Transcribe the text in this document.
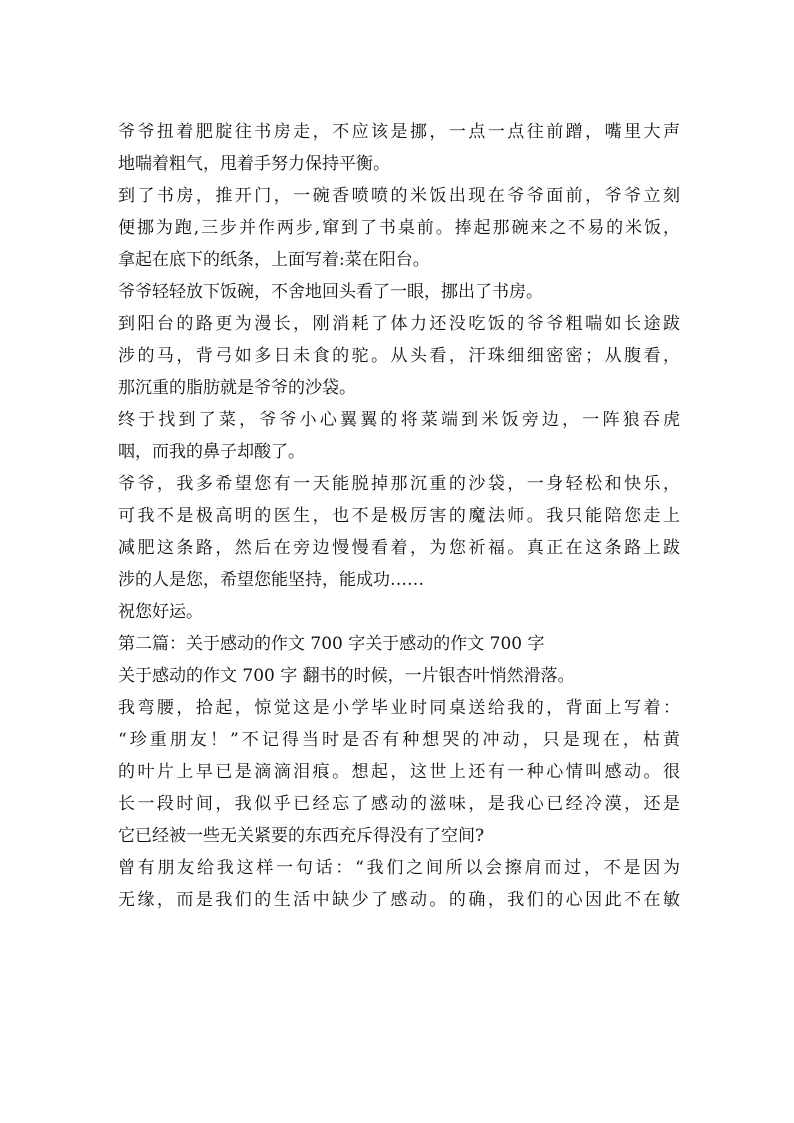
爷爷扭着肥腚往书房走，不应该是挪，一点一点往前蹭，嘴里大声
地喘着粗气，甩着手努力保持平衡。
到了书房，推开门，一碗香喷喷的米饭出现在爷爷面前，爷爷立刻
便挪为跑,三步并作两步,窜到了书桌前。捧起那碗来之不易的米饭，
拿起在底下的纸条，上面写着:菜在阳台。
爷爷轻轻放下饭碗，不舍地回头看了一眼，挪出了书房。
到阳台的路更为漫长，刚消耗了体力还没吃饭的爷爷粗喘如长途跋
涉的马，背弓如多日未食的驼。从头看，汗珠细细密密；从腹看，
那沉重的脂肪就是爷爷的沙袋。
终于找到了菜，爷爷小心翼翼的将菜端到米饭旁边，一阵狼吞虎
咽，而我的鼻子却酸了。
爷爷，我多希望您有一天能脱掉那沉重的沙袋，一身轻松和快乐，
可我不是极高明的医生，也不是极厉害的魔法师。我只能陪您走上
减肥这条路，然后在旁边慢慢看着，为您祈福。真正在这条路上跋
涉的人是您，希望您能坚持，能成功……
祝您好运。
第二篇：关于感动的作文 700 字关于感动的作文 700 字
关于感动的作文 700 字 翻书的时候，一片银杏叶悄然滑落。
我弯腰，拾起，惊觉这是小学毕业时同桌送给我的，背面上写着：
“珍重朋友！”不记得当时是否有种想哭的冲动，只是现在，枯黄
的叶片上早已是滴滴泪痕。想起，这世上还有一种心情叫感动。很
长一段时间，我似乎已经忘了感动的滋味，是我心已经冷漠，还是
它已经被一些无关紧要的东西充斥得没有了空间?
曾有朋友给我这样一句话：“我们之间所以会擦肩而过，不是因为
无缘，而是我们的生活中缺少了感动。的确，我们的心因此不在敏
